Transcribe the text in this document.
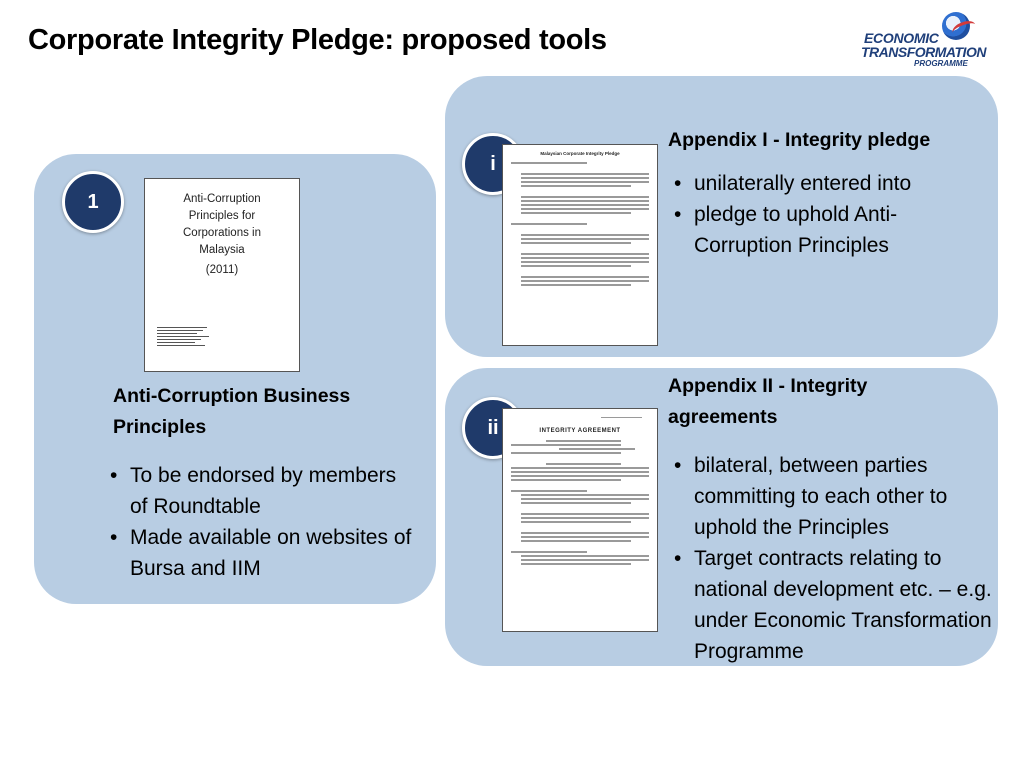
Corporate Integrity Pledge: proposed tools	ECONOMIC
TRANSFORMATION
PROGRAMME
1	Anti-Corruption
Principles for
Corporations in
Malaysia
(2011)
Anti-Corruption Business Principles
• To be endorsed by members of Roundtable
• Made available on websites of Bursa and IIM
i	Malaysian Corporate Integrity Pledge
Appendix I - Integrity pledge
• unilaterally entered into
• pledge to uphold Anti-Corruption Principles
ii	INTEGRITY AGREEMENT
Appendix II - Integrity agreements
• bilateral, between parties committing to each other to uphold the Principles
• Target contracts relating to national development etc. – e.g. under Economic Transformation Programme
